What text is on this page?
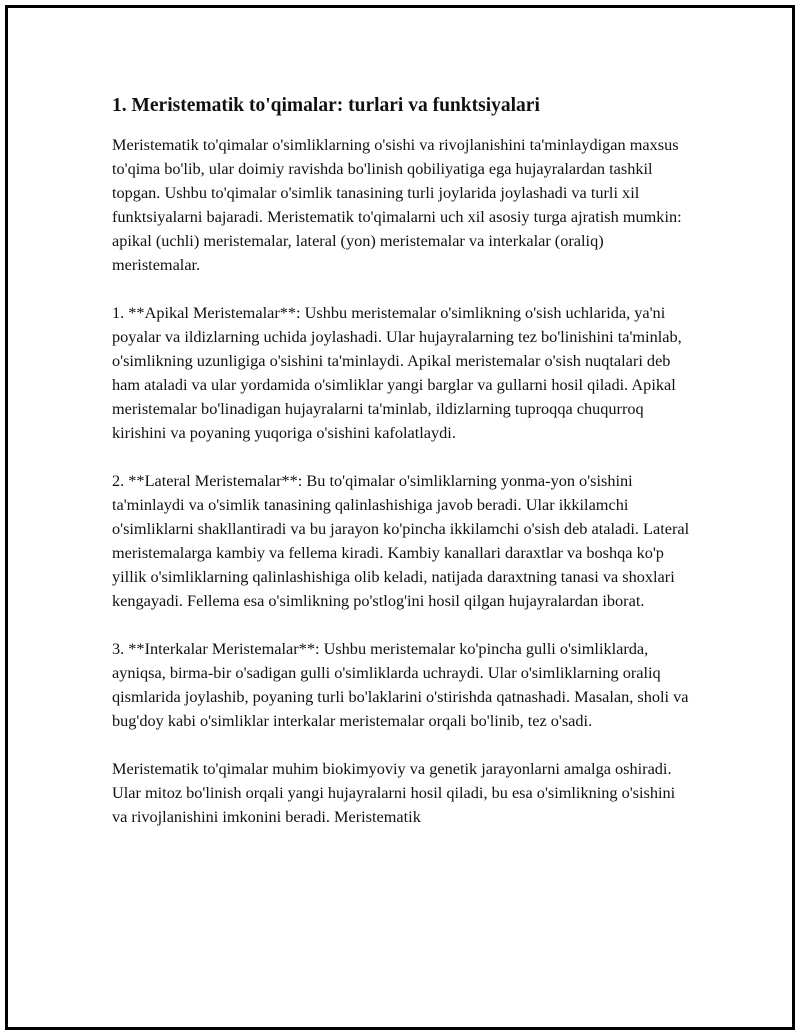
1. Meristematik to'qimalar: turlari va funktsiyalari

Meristematik to'qimalar o'simliklarning o'sishi va rivojlanishini ta'minlaydigan maxsus to'qima bo'lib, ular doimiy ravishda bo'linish qobiliyatiga ega hujayralardan tashkil topgan. Ushbu to'qimalar o'simlik tanasining turli joylarida joylashadi va turli xil funktsiyalarni bajaradi. Meristematik to'qimalarni uch xil asosiy turga ajratish mumkin: apikal (uchli) meristemalar, lateral (yon) meristemalar va interkalar (oraliq) meristemalar.

1. **Apikal Meristemalar**: Ushbu meristemalar o'simlikning o'sish uchlarida, ya'ni poyalar va ildizlarning uchida joylashadi. Ular hujayralarning tez bo'linishini ta'minlab, o'simlikning uzunligiga o'sishini ta'minlaydi. Apikal meristemalar o'sish nuqtalari deb ham ataladi va ular yordamida o'simliklar yangi barglar va gullarni hosil qiladi. Apikal meristemalar bo'linadigan hujayralarni ta'minlab, ildizlarning tuproqqa chuqurroq kirishini va poyaning yuqoriga o'sishini kafolatlaydi.

2. **Lateral Meristemalar**: Bu to'qimalar o'simliklarning yonma-yon o'sishini ta'minlaydi va o'simlik tanasining qalinlashishiga javob beradi. Ular ikkilamchi o'simliklarni shakllantiradi va bu jarayon ko'pincha ikkilamchi o'sish deb ataladi. Lateral meristemalarga kambiy va fellema kiradi. Kambiy kanallari daraxtlar va boshqa ko'p yillik o'simliklarning qalinlashishiga olib keladi, natijada daraxtning tanasi va shoxlari kengayadi. Fellema esa o'simlikning po'stlog'ini hosil qilgan hujayralardan iborat.

3. **Interkalar Meristemalar**: Ushbu meristemalar ko'pincha gulli o'simliklarda, ayniqsa, birma-bir o'sadigan gulli o'simliklarda uchraydi. Ular o'simliklarning oraliq qismlarida joylashib, poyaning turli bo'laklarini o'stirishda qatnashadi. Masalan, sholi va bug'doy kabi o'simliklar interkalar meristemalar orqali bo'linib, tez o'sadi.

Meristematik to'qimalar muhim biokimyoviy va genetik jarayonlarni amalga oshiradi. Ular mitoz bo'linish orqali yangi hujayralarni hosil qiladi, bu esa o'simlikning o'sishini va rivojlanishini imkonini beradi. Meristematik
